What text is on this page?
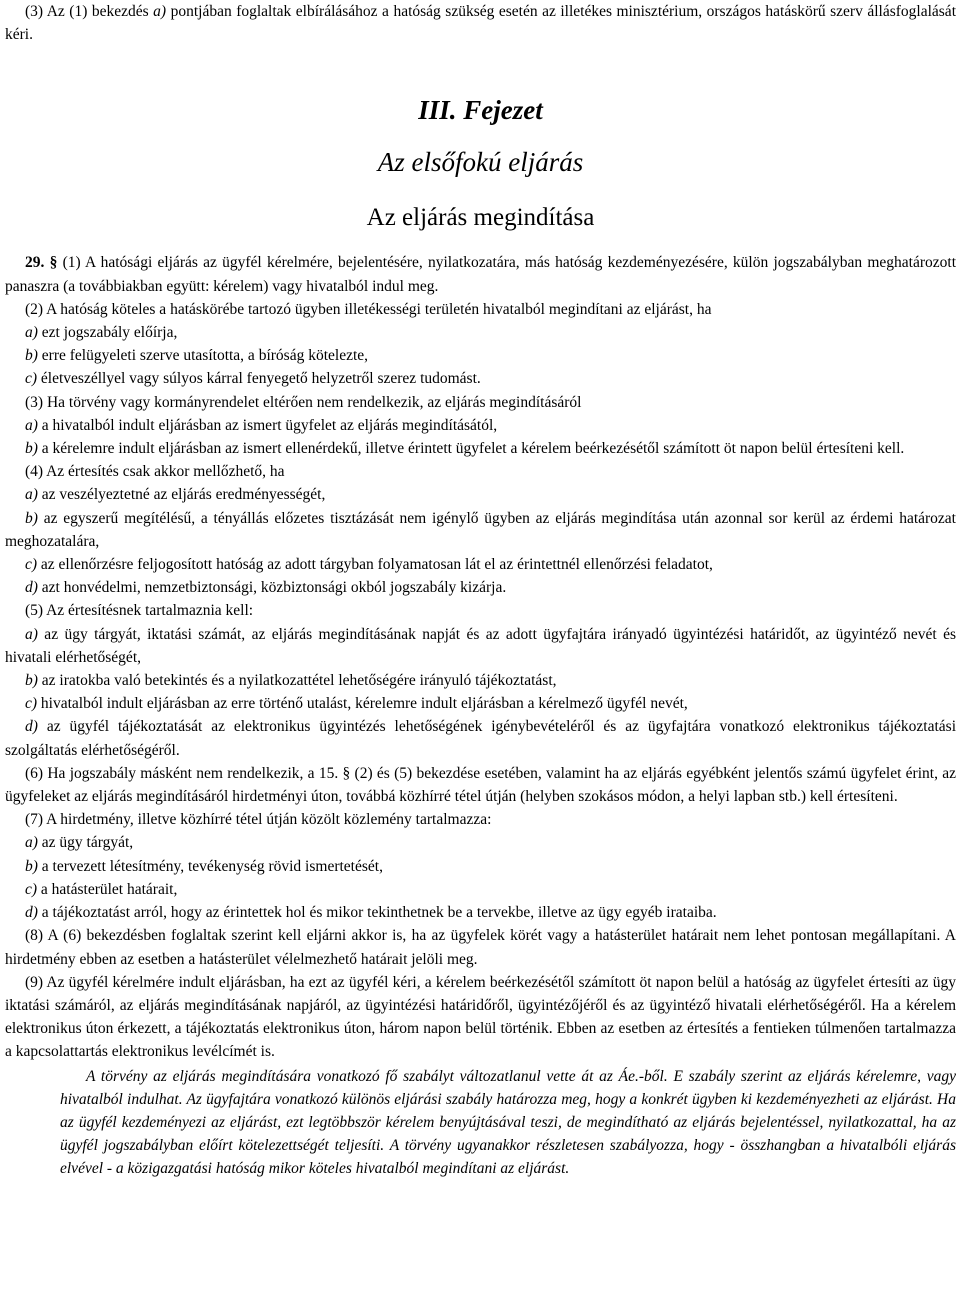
(3) Az (1) bekezdés a) pontjában foglaltak elbírálásához a hatóság szükség esetén az illetékes minisztérium, országos hatáskörű szerv állásfoglalását kéri.

III. Fejezet
Az elsőfokú eljárás
Az eljárás megindítása

29. § (1) A hatósági eljárás az ügyfél kérelmére, bejelentésére, nyilatkozatára, más hatóság kezdeményezésére, külön jogszabályban meghatározott panaszra (a továbbiakban együtt: kérelem) vagy hivatalból indul meg.

(2) A hatóság köteles a hatáskörébe tartozó ügyben illetékességi területén hivatalból megindítani az eljárást, ha

a) ezt jogszabály előírja,

b) erre felügyeleti szerve utasította, a bíróság kötelezte,

c) életveszéllyel vagy súlyos kárral fenyegető helyzetről szerez tudomást.

(3) Ha törvény vagy kormányrendelet eltérően nem rendelkezik, az eljárás megindításáról

a) a hivatalból indult eljárásban az ismert ügyfelet az eljárás megindításától,

b) a kérelemre indult eljárásban az ismert ellenérdekű, illetve érintett ügyfelet a kérelem beérkezésétől számított öt napon belül értesíteni kell.

(4) Az értesítés csak akkor mellőzhető, ha

a) az veszélyeztetné az eljárás eredményességét,

b) az egyszerű megítélésű, a tényállás előzetes tisztázását nem igénylő ügyben az eljárás megindítása után azonnal sor kerül az érdemi határozat meghozatalára,

c) az ellenőrzésre feljogosított hatóság az adott tárgyban folyamatosan lát el az érintettnél ellenőrzési feladatot,

d) azt honvédelmi, nemzetbiztonsági, közbiztonsági okból jogszabály kizárja.

(5) Az értesítésnek tartalmaznia kell:

a) az ügy tárgyát, iktatási számát, az eljárás megindításának napját és az adott ügyfajtára irányadó ügyintézési határidőt, az ügyintéző nevét és hivatali elérhetőségét,

b) az iratokba való betekintés és a nyilatkozattétel lehetőségére irányuló tájékoztatást,

c) hivatalból indult eljárásban az erre történő utalást, kérelemre indult eljárásban a kérelmező ügyfél nevét,

d) az ügyfél tájékoztatását az elektronikus ügyintézés lehetőségének igénybevételéről és az ügyfajtára vonatkozó elektronikus tájékoztatási szolgáltatás elérhetőségéről.

(6) Ha jogszabály másként nem rendelkezik, a 15. § (2) és (5) bekezdése esetében, valamint ha az eljárás egyébként jelentős számú ügyfelet érint, az ügyfeleket az eljárás megindításáról hirdetményi úton, továbbá közhírré tétel útján (helyben szokásos módon, a helyi lapban stb.) kell értesíteni.

(7) A hirdetmény, illetve közhírré tétel útján közölt közlemény tartalmazza:

a) az ügy tárgyát,

b) a tervezett létesítmény, tevékenység rövid ismertetését,

c) a hatásterület határait,

d) a tájékoztatást arról, hogy az érintettek hol és mikor tekinthetnek be a tervekbe, illetve az ügy egyéb irataiba.

(8) A (6) bekezdésben foglaltak szerint kell eljárni akkor is, ha az ügyfelek körét vagy a hatásterület határait nem lehet pontosan megállapítani. A hirdetmény ebben az esetben a hatásterület vélelmezhető határait jelöli meg.

(9) Az ügyfél kérelmére indult eljárásban, ha ezt az ügyfél kéri, a kérelem beérkezésétől számított öt napon belül a hatóság az ügyfelet értesíti az ügy iktatási számáról, az eljárás megindításának napjáról, az ügyintézési határidőről, ügyintézőjéről és az ügyintéző hivatali elérhetőségéről. Ha a kérelem elektronikus úton érkezett, a tájékoztatás elektronikus úton, három napon belül történik. Ebben az esetben az értesítés a fentieken túlmenően tartalmazza a kapcsolattartás elektronikus levélcímét is.

A törvény az eljárás megindítására vonatkozó fő szabályt változatlanul vette át az Áe.-ből. E szabály szerint az eljárás kérelemre, vagy hivatalból indulhat. Az ügyfajtára vonatkozó különös eljárási szabály határozza meg, hogy a konkrét ügyben ki kezdeményezheti az eljárást. Ha az ügyfél kezdeményezi az eljárást, ezt legtöbbször kérelem benyújtásával teszi, de megindítható az eljárás bejelentéssel, nyilatkozattal, ha az ügyfél jogszabályban előírt kötelezettségét teljesíti. A törvény ugyanakkor részletesen szabályozza, hogy - összhangban a hivatalbóli eljárás elvével - a közigazgatási hatóság mikor köteles hivatalból megindítani az eljárást.
